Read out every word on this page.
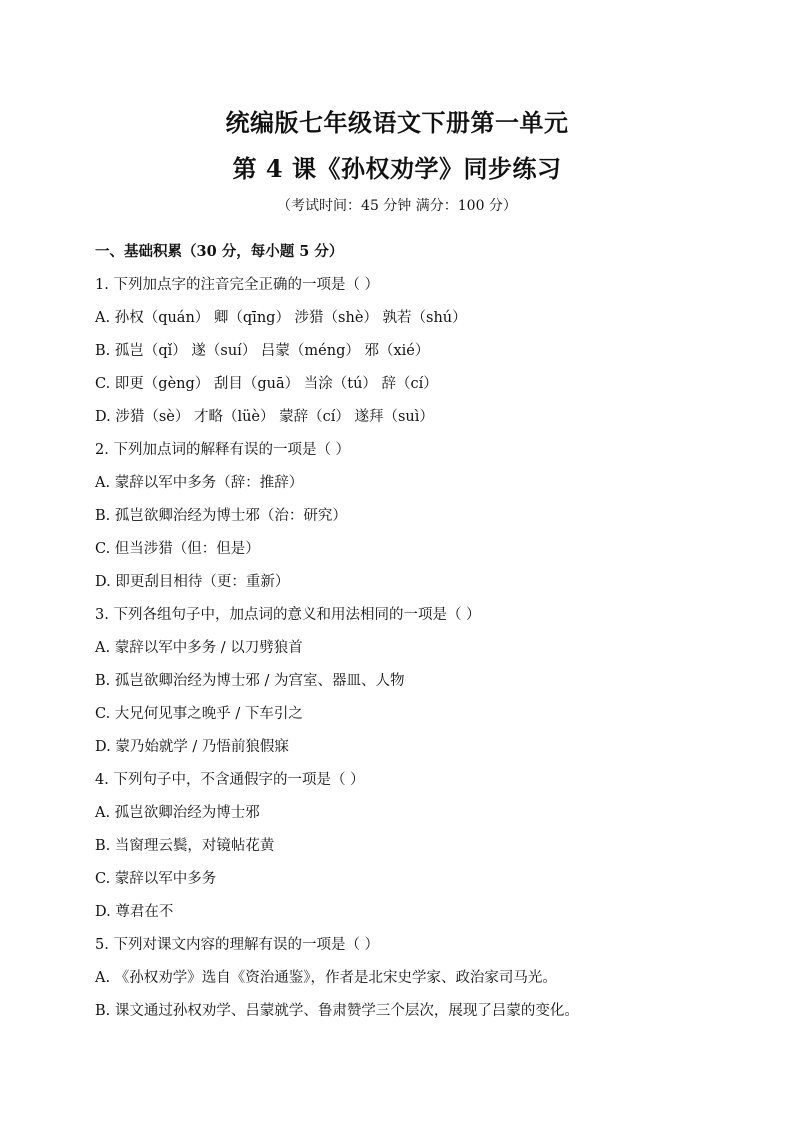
统编版七年级语文下册第一单元
第 4 课《孙权劝学》同步练习
（考试时间：45 分钟 满分：100 分）
一、基础积累（30 分，每小题 5 分）
1. 下列加点字的注音完全正确的一项是（ ）
A. 孙权（quán） 卿（qīng） 涉猎（shè） 孰若（shú）
B. 孤岂（qǐ） 遂（suí） 吕蒙（méng） 邪（xié）
C. 即更（gèng） 刮目（guā） 当涂（tú） 辞（cí）
D. 涉猎（sè） 才略（lüè） 蒙辞（cí） 遂拜（suì）
2. 下列加点词的解释有误的一项是（ ）
A. 蒙辞以军中多务（辞：推辞）
B. 孤岂欲卿治经为博士邪（治：研究）
C. 但当涉猎（但：但是）
D. 即更刮目相待（更：重新）
3. 下列各组句子中，加点词的意义和用法相同的一项是（ ）
A. 蒙辞以军中多务 / 以刀劈狼首
B. 孤岂欲卿治经为博士邪 / 为宫室、器皿、人物
C. 大兄何见事之晚乎 / 下车引之
D. 蒙乃始就学 / 乃悟前狼假寐
4. 下列句子中，不含通假字的一项是（ ）
A. 孤岂欲卿治经为博士邪
B. 当窗理云鬓，对镜帖花黄
C. 蒙辞以军中多务
D. 尊君在不
5. 下列对课文内容的理解有误的一项是（ ）
A. 《孙权劝学》选自《资治通鉴》，作者是北宋史学家、政治家司马光。
B. 课文通过孙权劝学、吕蒙就学、鲁肃赞学三个层次，展现了吕蒙的变化。
